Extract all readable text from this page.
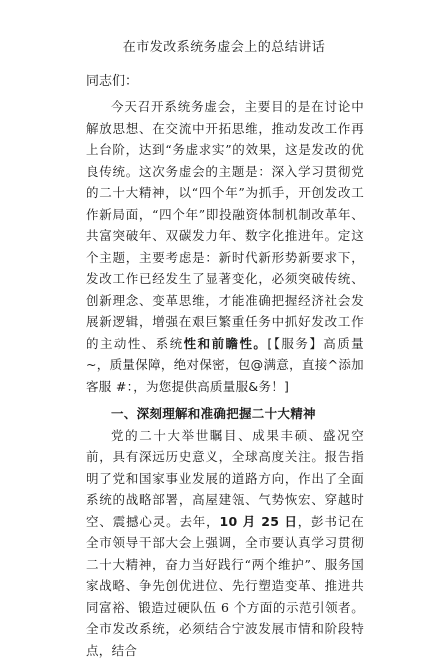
在市发改系统务虚会上的总结讲话
同志们：

今天召开系统务虚会，主要目的是在讨论中解放思想、在交流中开拓思维，推动发改工作再上台阶，达到“务虚求实”的效果，这是发改的优良传统。这次务虚会的主题是：深入学习贯彻党的二十大精神，以“四个年”为抓手，开创发改工作新局面，“四个年”即投融资体制机制改革年、共富突破年、双碳发力年、数字化推进年。定这个主题，主要考虑是：新时代新形势新要求下，发改工作已经发生了显著变化，必须突破传统、创新理念、变革思维，才能准确把握经济社会发展新逻辑，增强在艰巨繁重任务中抓好发改工作的主动性、系统性和前瞻性。[【服务】高质量~，质量保障，绝对保密，包@满意，直接^添加客服 #：，为您提供高质量服&务！]

一、深刻理解和准确把握二十大精神

党的二十大举世瞩目、成果丰硕、盛况空前，具有深远历史意义，全球高度关注。报告指明了党和国家事业发展的道路方向，作出了全面系统的战略部署，高屋建瓴、气势恢宏、穿越时空、震撼心灵。去年，10 月 25 日，彭书记在全市领导干部大会上强调，全市要认真学习贯彻二十大精神，奋力当好践行“两个维护”、服务国家战略、争先创优进位、先行塑造变革、推进共同富裕、锻造过硬队伍 6 个方面的示范引领者。全市发改系统，必须结合宁波发展市情和阶段特点，结合
